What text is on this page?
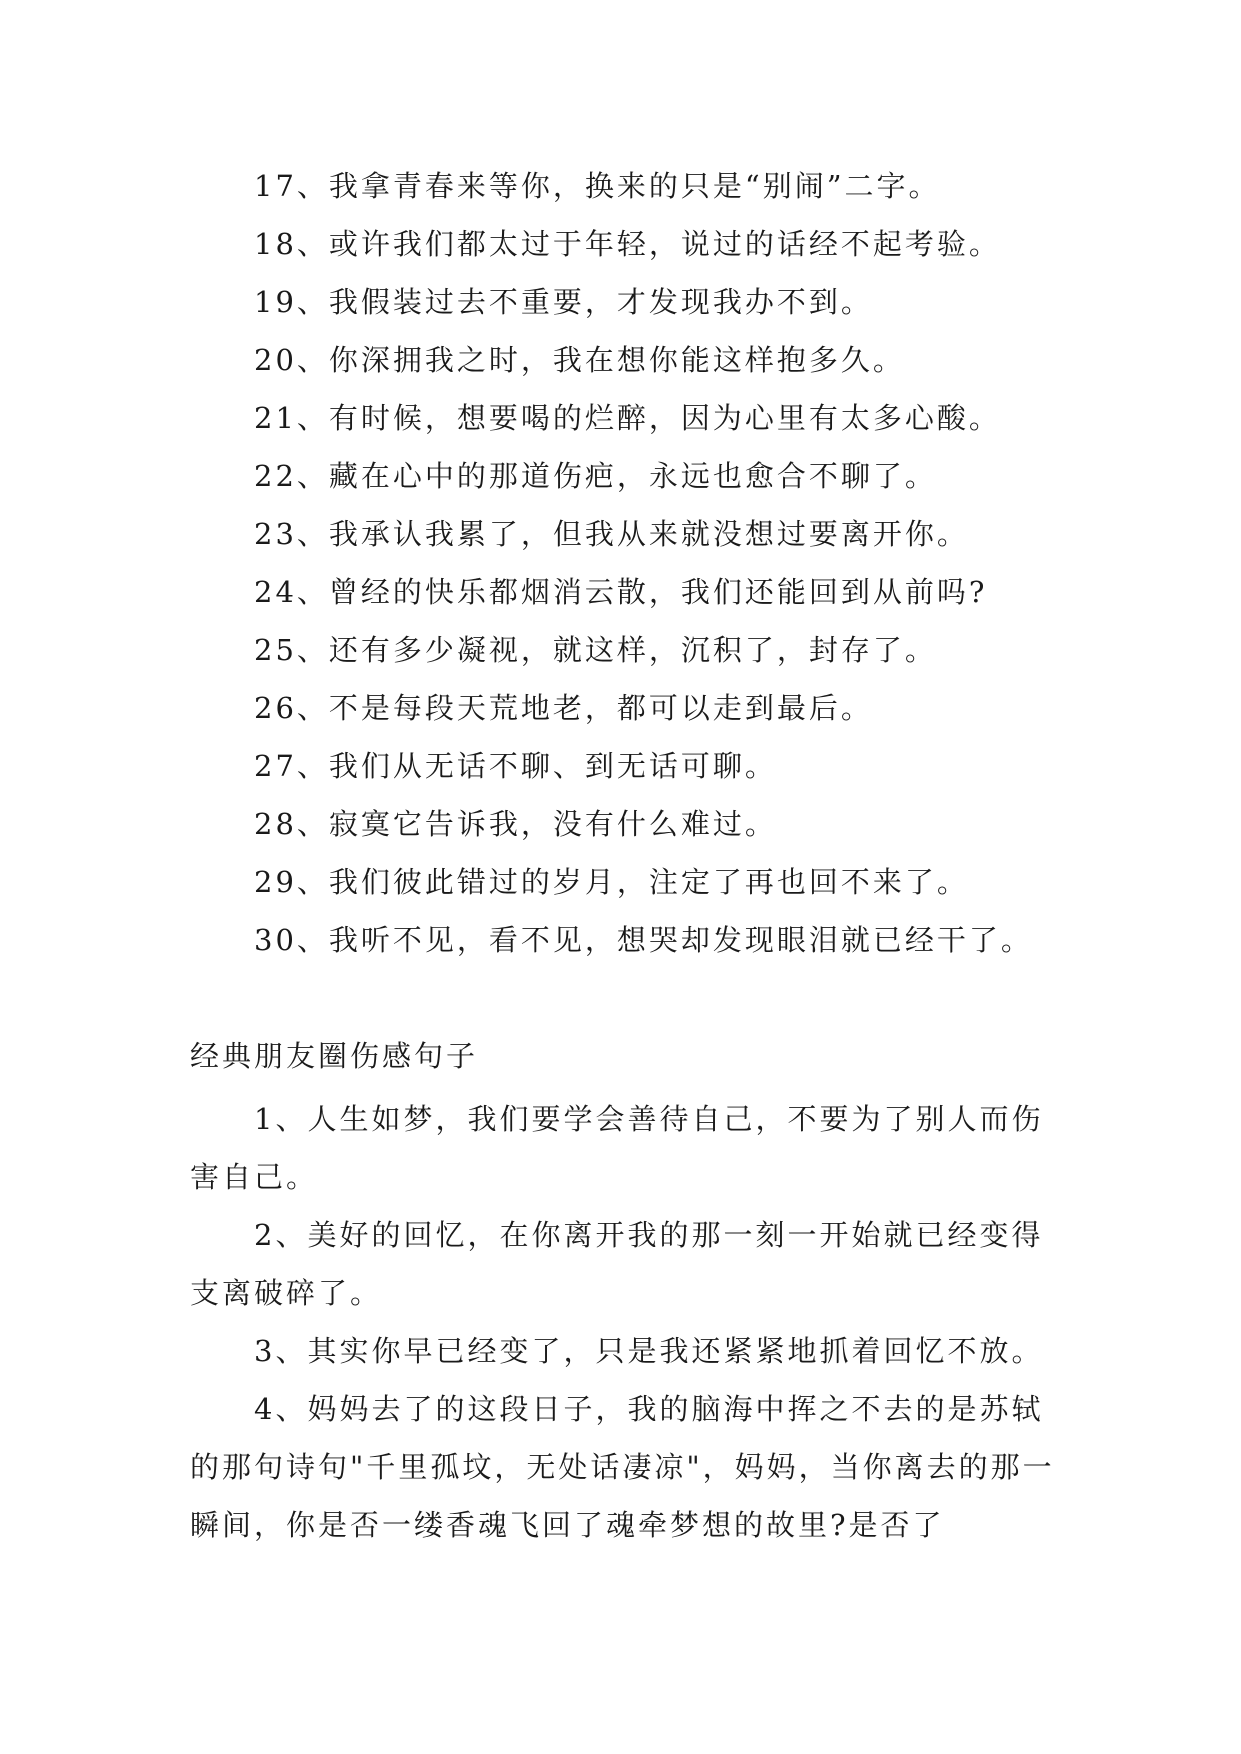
17、我拿青春来等你，换来的只是“别闹”二字。
18、或许我们都太过于年轻，说过的话经不起考验。
19、我假装过去不重要，才发现我办不到。
20、你深拥我之时，我在想你能这样抱多久。
21、有时候，想要喝的烂醉，因为心里有太多心酸。
22、藏在心中的那道伤疤，永远也愈合不聊了。
23、我承认我累了，但我从来就没想过要离开你。
24、曾经的快乐都烟消云散，我们还能回到从前吗?
25、还有多少凝视，就这样，沉积了，封存了。
26、不是每段天荒地老，都可以走到最后。
27、我们从无话不聊、到无话可聊。
28、寂寞它告诉我，没有什么难过。
29、我们彼此错过的岁月，注定了再也回不来了。
30、我听不见，看不见，想哭却发现眼泪就已经干了。
经典朋友圈伤感句子

1、人生如梦，我们要学会善待自己，不要为了别人而伤害自己。

2、美好的回忆，在你离开我的那一刻一开始就已经变得支离破碎了。

3、其实你早已经变了，只是我还紧紧地抓着回忆不放。

4、妈妈去了的这段日子，我的脑海中挥之不去的是苏轼的那句诗句"千里孤坟，无处话凄凉"，妈妈，当你离去的那一瞬间，你是否一缕香魂飞回了魂牵梦想的故里?是否了
